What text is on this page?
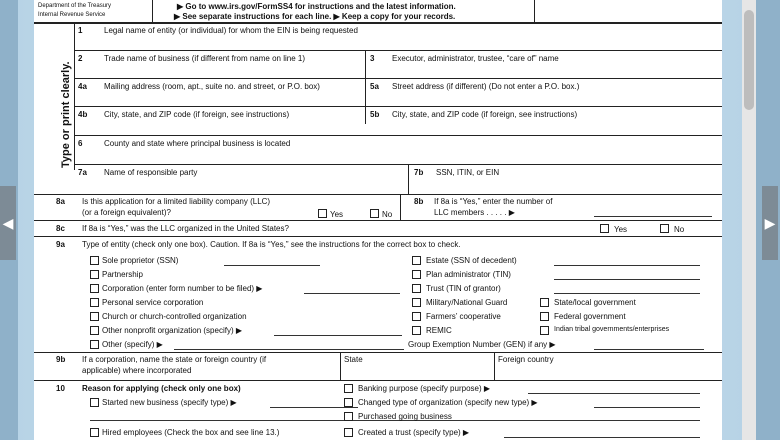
◀	▶
Department of the Treasury
Internal Revenue Service
▶ Go to www.irs.gov/FormSS4 for instructions and the latest information.
▶ See separate instructions for each line. ▶ Keep a copy for your records.
Type or print clearly.
1	Legal name of entity (or individual) for whom the EIN is being requested
2	Trade name of business (if different from name on line 1)	3 Executor, administrator, trustee, “care of” name
4a Mailing address (room, apt., suite no. and street, or P.O. box)	5a Street address (if different) (Do not enter a P.O. box.)
4b City, state, and ZIP code (if foreign, see instructions)	5b City, state, and ZIP code (if foreign, see instructions)
6	County and state where principal business is located
7a Name of responsible party	7b SSN, ITIN, or EIN
8a Is this application for a limited liability company (LLC)
(or a foreign equivalent)?	Yes	No
8b If 8a is “Yes,” enter the number of
LLC members . . . . . ▶
8c If 8a is “Yes,” was the LLC organized in the United States?	Yes	No
9a Type of entity (check only one box). Caution. If 8a is “Yes,” see the instructions for the correct box to check.
Sole proprietor (SSN)
Partnership
Corporation (enter form number to be filed) ▶
Personal service corporation
Church or church-controlled organization
Other nonprofit organization (specify) ▶
Other (specify) ▶
Estate (SSN of decedent)
Plan administrator (TIN)
Trust (TIN of grantor)
Military/National Guard
Farmers’ cooperative
REMIC
State/local government
Federal government
Indian tribal governments/enterprises
Group Exemption Number (GEN) if any ▶
9b If a corporation, name the state or foreign country (if
applicable) where incorporated
State	Foreign country
10 Reason for applying (check only one box)
Started new business (specify type) ▶
Hired employees (Check the box and see line 13.)
Banking purpose (specify purpose) ▶
Changed type of organization (specify new type) ▶
Purchased going business
Created a trust (specify type) ▶
